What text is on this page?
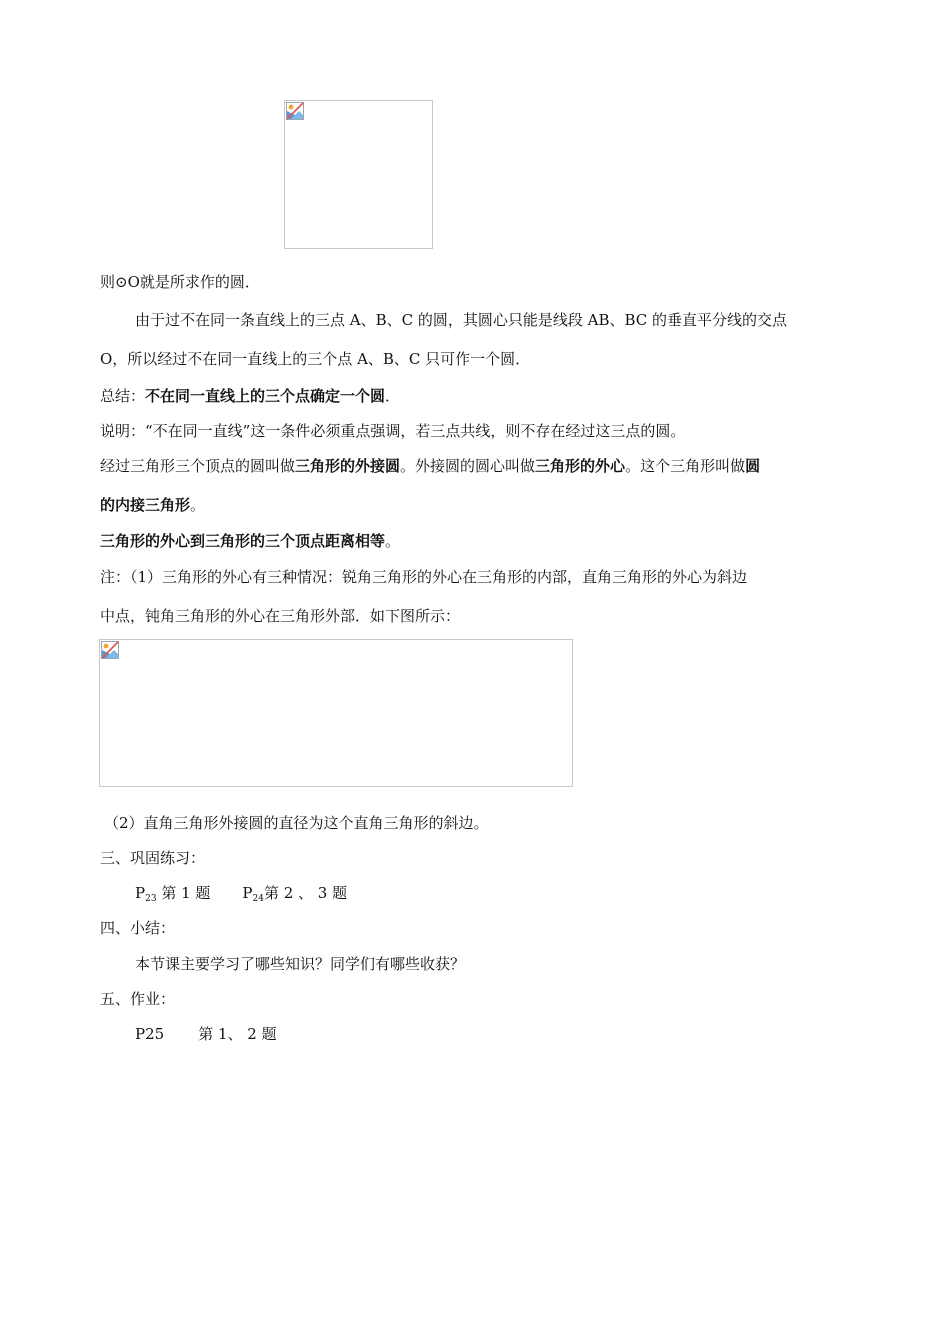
则⊙O就是所求作的圆．
由于过不在同一条直线上的三点 A、B、C 的圆，其圆心只能是线段 AB、BC 的垂直平分线的交点
O，所以经过不在同一直线上的三个点 A、B、C 只可作一个圆．
总结：不在同一直线上的三个点确定一个圆．
说明：“不在同一直线”这一条件必须重点强调，若三点共线，则不存在经过这三点的圆。
经过三角形三个顶点的圆叫做三角形的外接圆。外接圆的圆心叫做三角形的外心。这个三角形叫做圆
的内接三角形。
三角形的外心到三角形的三个顶点距离相等。
注：（1）三角形的外心有三种情况：锐角三角形的外心在三角形的内部，直角三角形的外心为斜边
中点，钝角三角形的外心在三角形外部．如下图所示：
（2）直角三角形外接圆的直径为这个直角三角形的斜边。
三、巩固练习：
$P_{23}$ 第 1 题 $P_{24}$第 2 、 3 题
四、小结：
本节课主要学习了哪些知识？同学们有哪些收获？
五、作业：
P25 第 1、 2 题
